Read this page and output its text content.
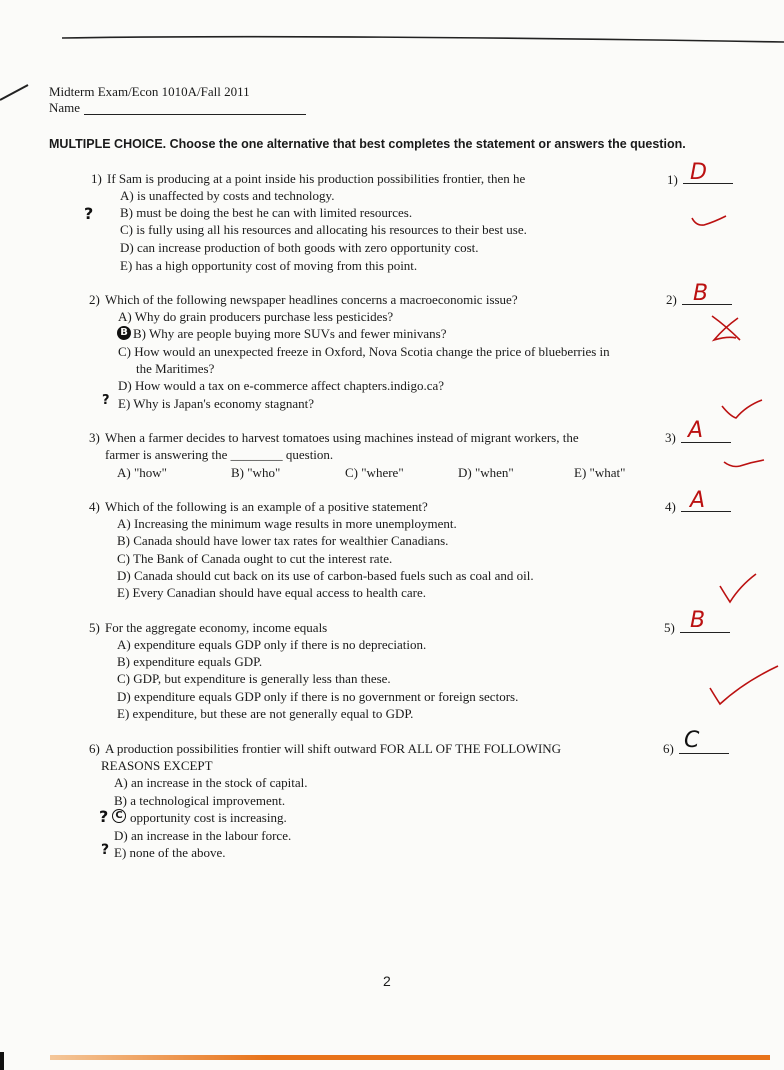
Midterm Exam/Econ 1010A/Fall 2011
Name
MULTIPLE CHOICE. Choose the one alternative that best completes the statement or answers the question.
1) If Sam is producing at a point inside his production possibilities frontier, then he
A) is unaffected by costs and technology.
B) must be doing the best he can with limited resources.
C) is fully using all his resources and allocating his resources to their best use.
D) can increase production of both goods with zero opportunity cost.
E) has a high opportunity cost of moving from this point.
1) D
?
2) Which of the following newspaper headlines concerns a macroeconomic issue?
A) Why do grain producers purchase less pesticides?
B B) Why are people buying more SUVs and fewer minivans?
C) How would an unexpected freeze in Oxford, Nova Scotia change the price of blueberries in
the Maritimes?
D) How would a tax on e-commerce affect chapters.indigo.ca?
? E) Why is Japan's economy stagnant?
2) B
3) When a farmer decides to harvest tomatoes using machines instead of migrant workers, the
farmer is answering the ________ question.
A) "how"	B) "who"	C) "where"	D) "when"	E) "what"
3) A
4) Which of the following is an example of a positive statement?
A) Increasing the minimum wage results in more unemployment.
B) Canada should have lower tax rates for wealthier Canadians.
C) The Bank of Canada ought to cut the interest rate.
D) Canada should cut back on its use of carbon-based fuels such as coal and oil.
E) Every Canadian should have equal access to health care.
4) A
5) For the aggregate economy, income equals
A) expenditure equals GDP only if there is no depreciation.
B) expenditure equals GDP.
C) GDP, but expenditure is generally less than these.
D) expenditure equals GDP only if there is no government or foreign sectors.
E) expenditure, but these are not generally equal to GDP.
5) B
6) A production possibilities frontier will shift outward FOR ALL OF THE FOLLOWING
REASONS EXCEPT
A) an increase in the stock of capital.
B) a technological improvement.
? C opportunity cost is increasing.
D) an increase in the labour force.
? E) none of the above.
6) C
2
